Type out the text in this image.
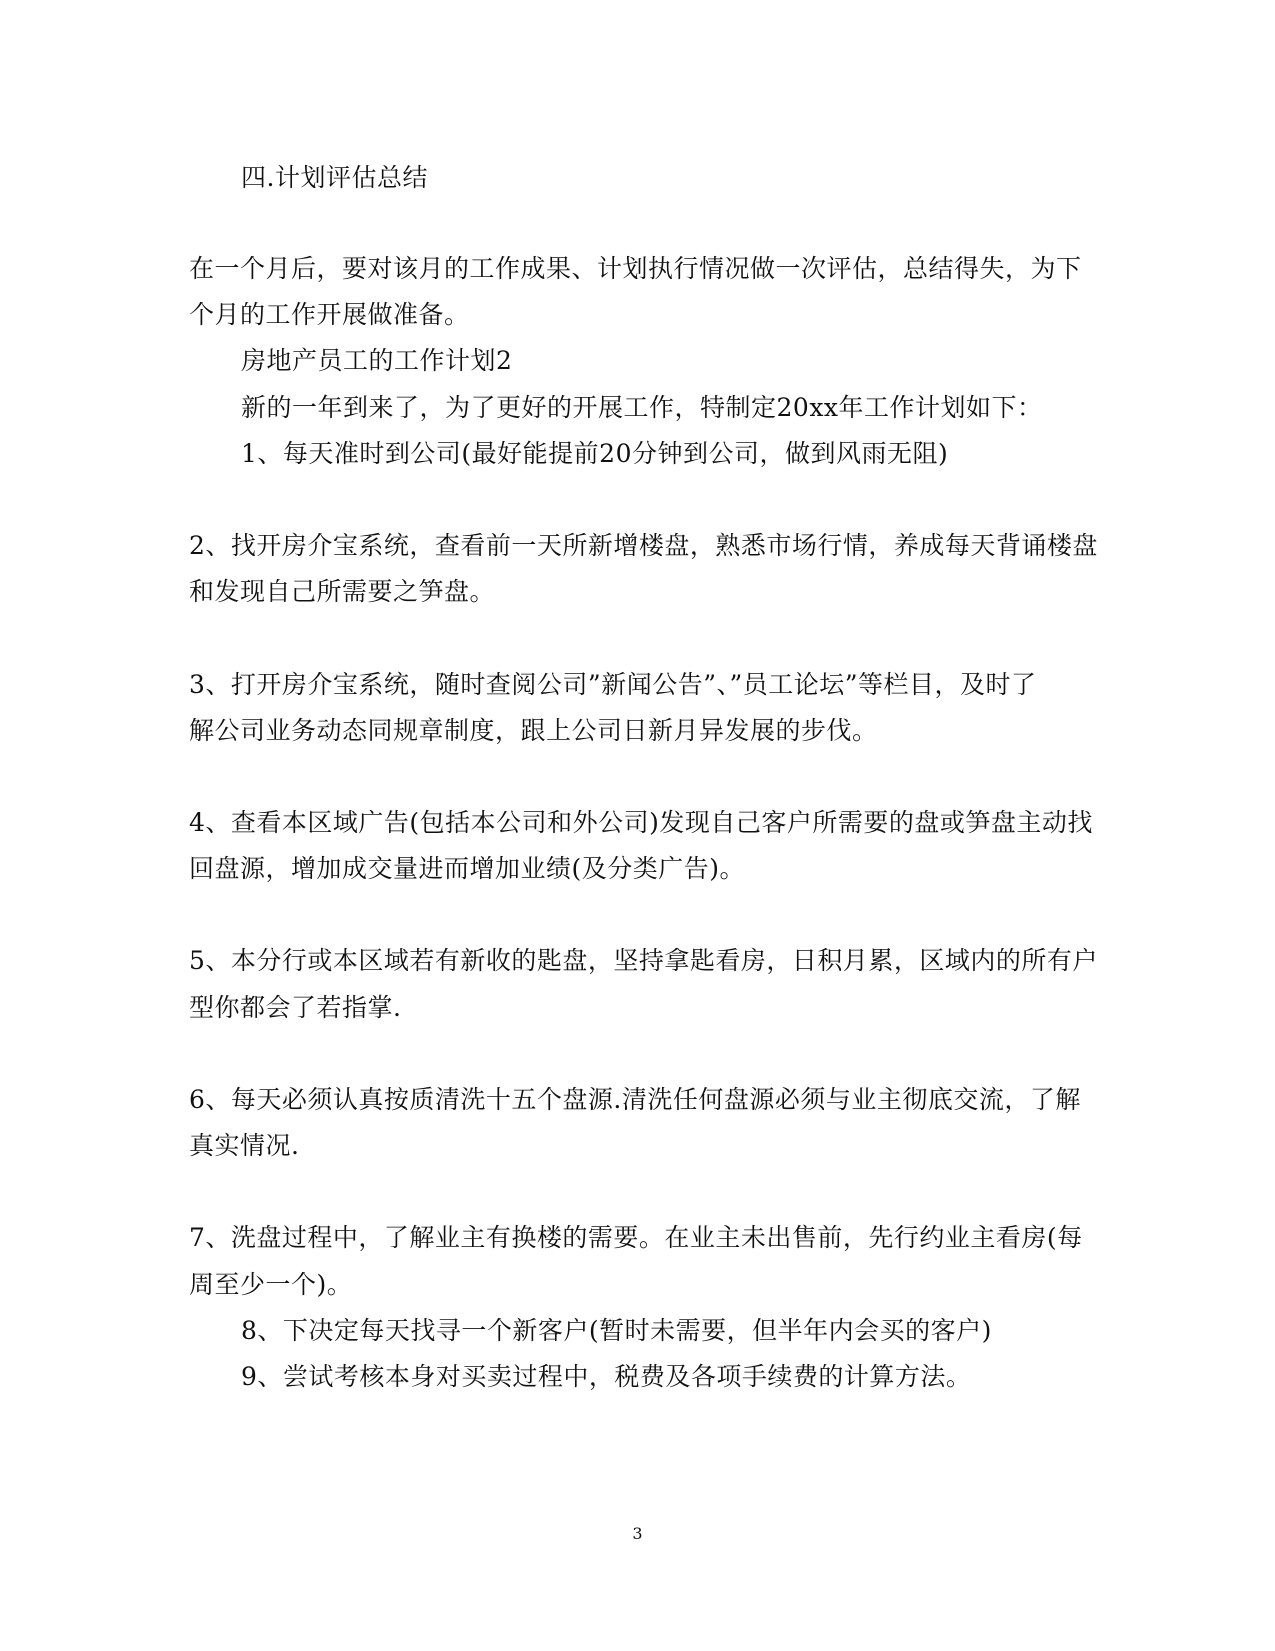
四.计划评估总结
在一个月后，要对该月的工作成果、计划执行情况做一次评估，总结得失，为下
个月的工作开展做准备。
房地产员工的工作计划2
新的一年到来了，为了更好的开展工作，特制定20xx年工作计划如下：
1、每天准时到公司(最好能提前20分钟到公司，做到风雨无阻)
2、找开房介宝系统，查看前一天所新增楼盘，熟悉市场行情，养成每天背诵楼盘
和发现自己所需要之笋盘。
3、打开房介宝系统，随时查阅公司”新闻公告”、”员工论坛”等栏目，及时了
解公司业务动态同规章制度，跟上公司日新月异发展的步伐。
4、查看本区域广告(包括本公司和外公司)发现自己客户所需要的盘或笋盘主动找
回盘源，增加成交量进而增加业绩(及分类广告)。
5、本分行或本区域若有新收的匙盘，坚持拿匙看房，日积月累，区域内的所有户
型你都会了若指掌.
6、每天必须认真按质清洗十五个盘源.清洗任何盘源必须与业主彻底交流，了解
真实情况.
7、洗盘过程中，了解业主有换楼的需要。在业主未出售前，先行约业主看房(每
周至少一个)。
8、下决定每天找寻一个新客户(暂时未需要，但半年内会买的客户)
9、尝试考核本身对买卖过程中，税费及各项手续费的计算方法。
3
